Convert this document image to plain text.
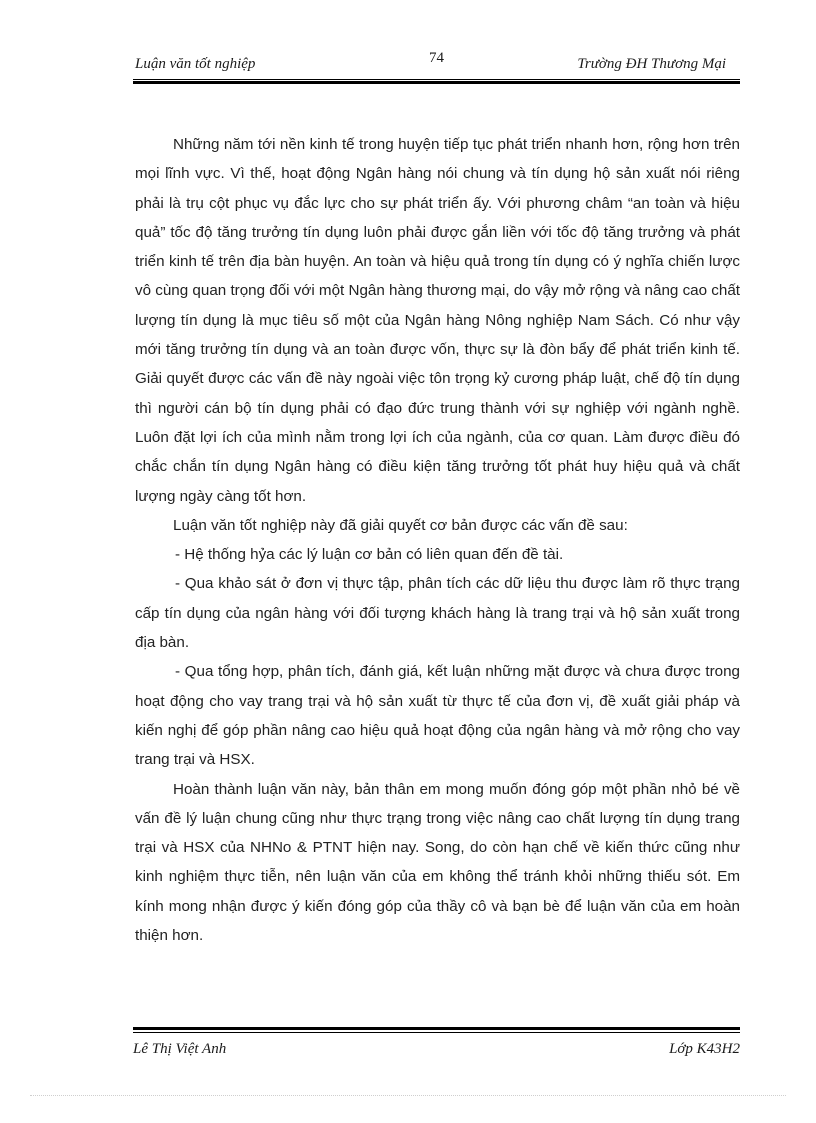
Luận văn tốt nghiệp	74	Trường ĐH Thương Mại

Những năm tới nền kinh tế trong huyện tiếp tục phát triển nhanh hơn, rộng hơn trên mọi lĩnh vực. Vì thế, hoạt động Ngân hàng nói chung và tín dụng hộ sản xuất nói riêng phải là trụ cột phục vụ đắc lực cho sự phát triển ấy. Với phương châm “an toàn và hiệu quả” tốc độ tăng trưởng tín dụng luôn phải được gắn liền với tốc độ tăng trưởng và phát triển kinh tế trên địa bàn huyện. An toàn và hiệu quả trong tín dụng có ý nghĩa chiến lược vô cùng quan trọng đối với một Ngân hàng thương mại, do vậy mở rộng và nâng cao chất lượng tín dụng là mục tiêu số một của Ngân hàng Nông nghiệp Nam Sách. Có như vậy mới tăng trưởng tín dụng và an toàn được vốn, thực sự là đòn bẩy để phát triển kinh tế. Giải quyết được các vấn đề này ngoài việc tôn trọng kỷ cương pháp luật, chế độ tín dụng thì người cán bộ tín dụng phải có đạo đức trung thành với sự nghiệp với ngành nghề. Luôn đặt lợi ích của mình nằm trong lợi ích của ngành, của cơ quan. Làm được điều đó chắc chắn tín dụng Ngân hàng có điều kiện tăng trưởng tốt phát huy hiệu quả và chất lượng ngày càng tốt hơn.

Luận văn tốt nghiệp này đã giải quyết cơ bản được các vấn đề sau:

- Hệ thống hỷa các lý luận cơ bản có liên quan đến đề tài.

- Qua khảo sát ở đơn vị thực tập, phân tích các dữ liệu thu được làm rõ thực trạng cấp tín dụng của ngân hàng với đối tượng khách hàng là trang trại và hộ sản xuất trong địa bàn.

- Qua tổng hợp, phân tích, đánh giá, kết luận những mặt được và chưa được trong hoạt động cho vay trang trại và hộ sản xuất từ thực tế của đơn vị, đề xuất giải pháp và kiến nghị để góp phần nâng cao hiệu quả hoạt động của ngân hàng và mở rộng cho vay trang trại và HSX.

Hoàn thành luận văn này, bản thân em mong muốn đóng góp một phần nhỏ bé về vấn đề lý luận chung cũng như thực trạng trong việc nâng cao chất lượng tín dụng trang trại và HSX của NHNo & PTNT hiện nay. Song, do còn hạn chế về kiến thức cũng như kinh nghiệm thực tiễn, nên luận văn của em không thể tránh khỏi những thiếu sót. Em kính mong nhận được ý kiến đóng góp của thầy cô và bạn bè để luận văn của em hoàn thiện hơn.

Lê Thị Việt Anh	Lớp K43H2
